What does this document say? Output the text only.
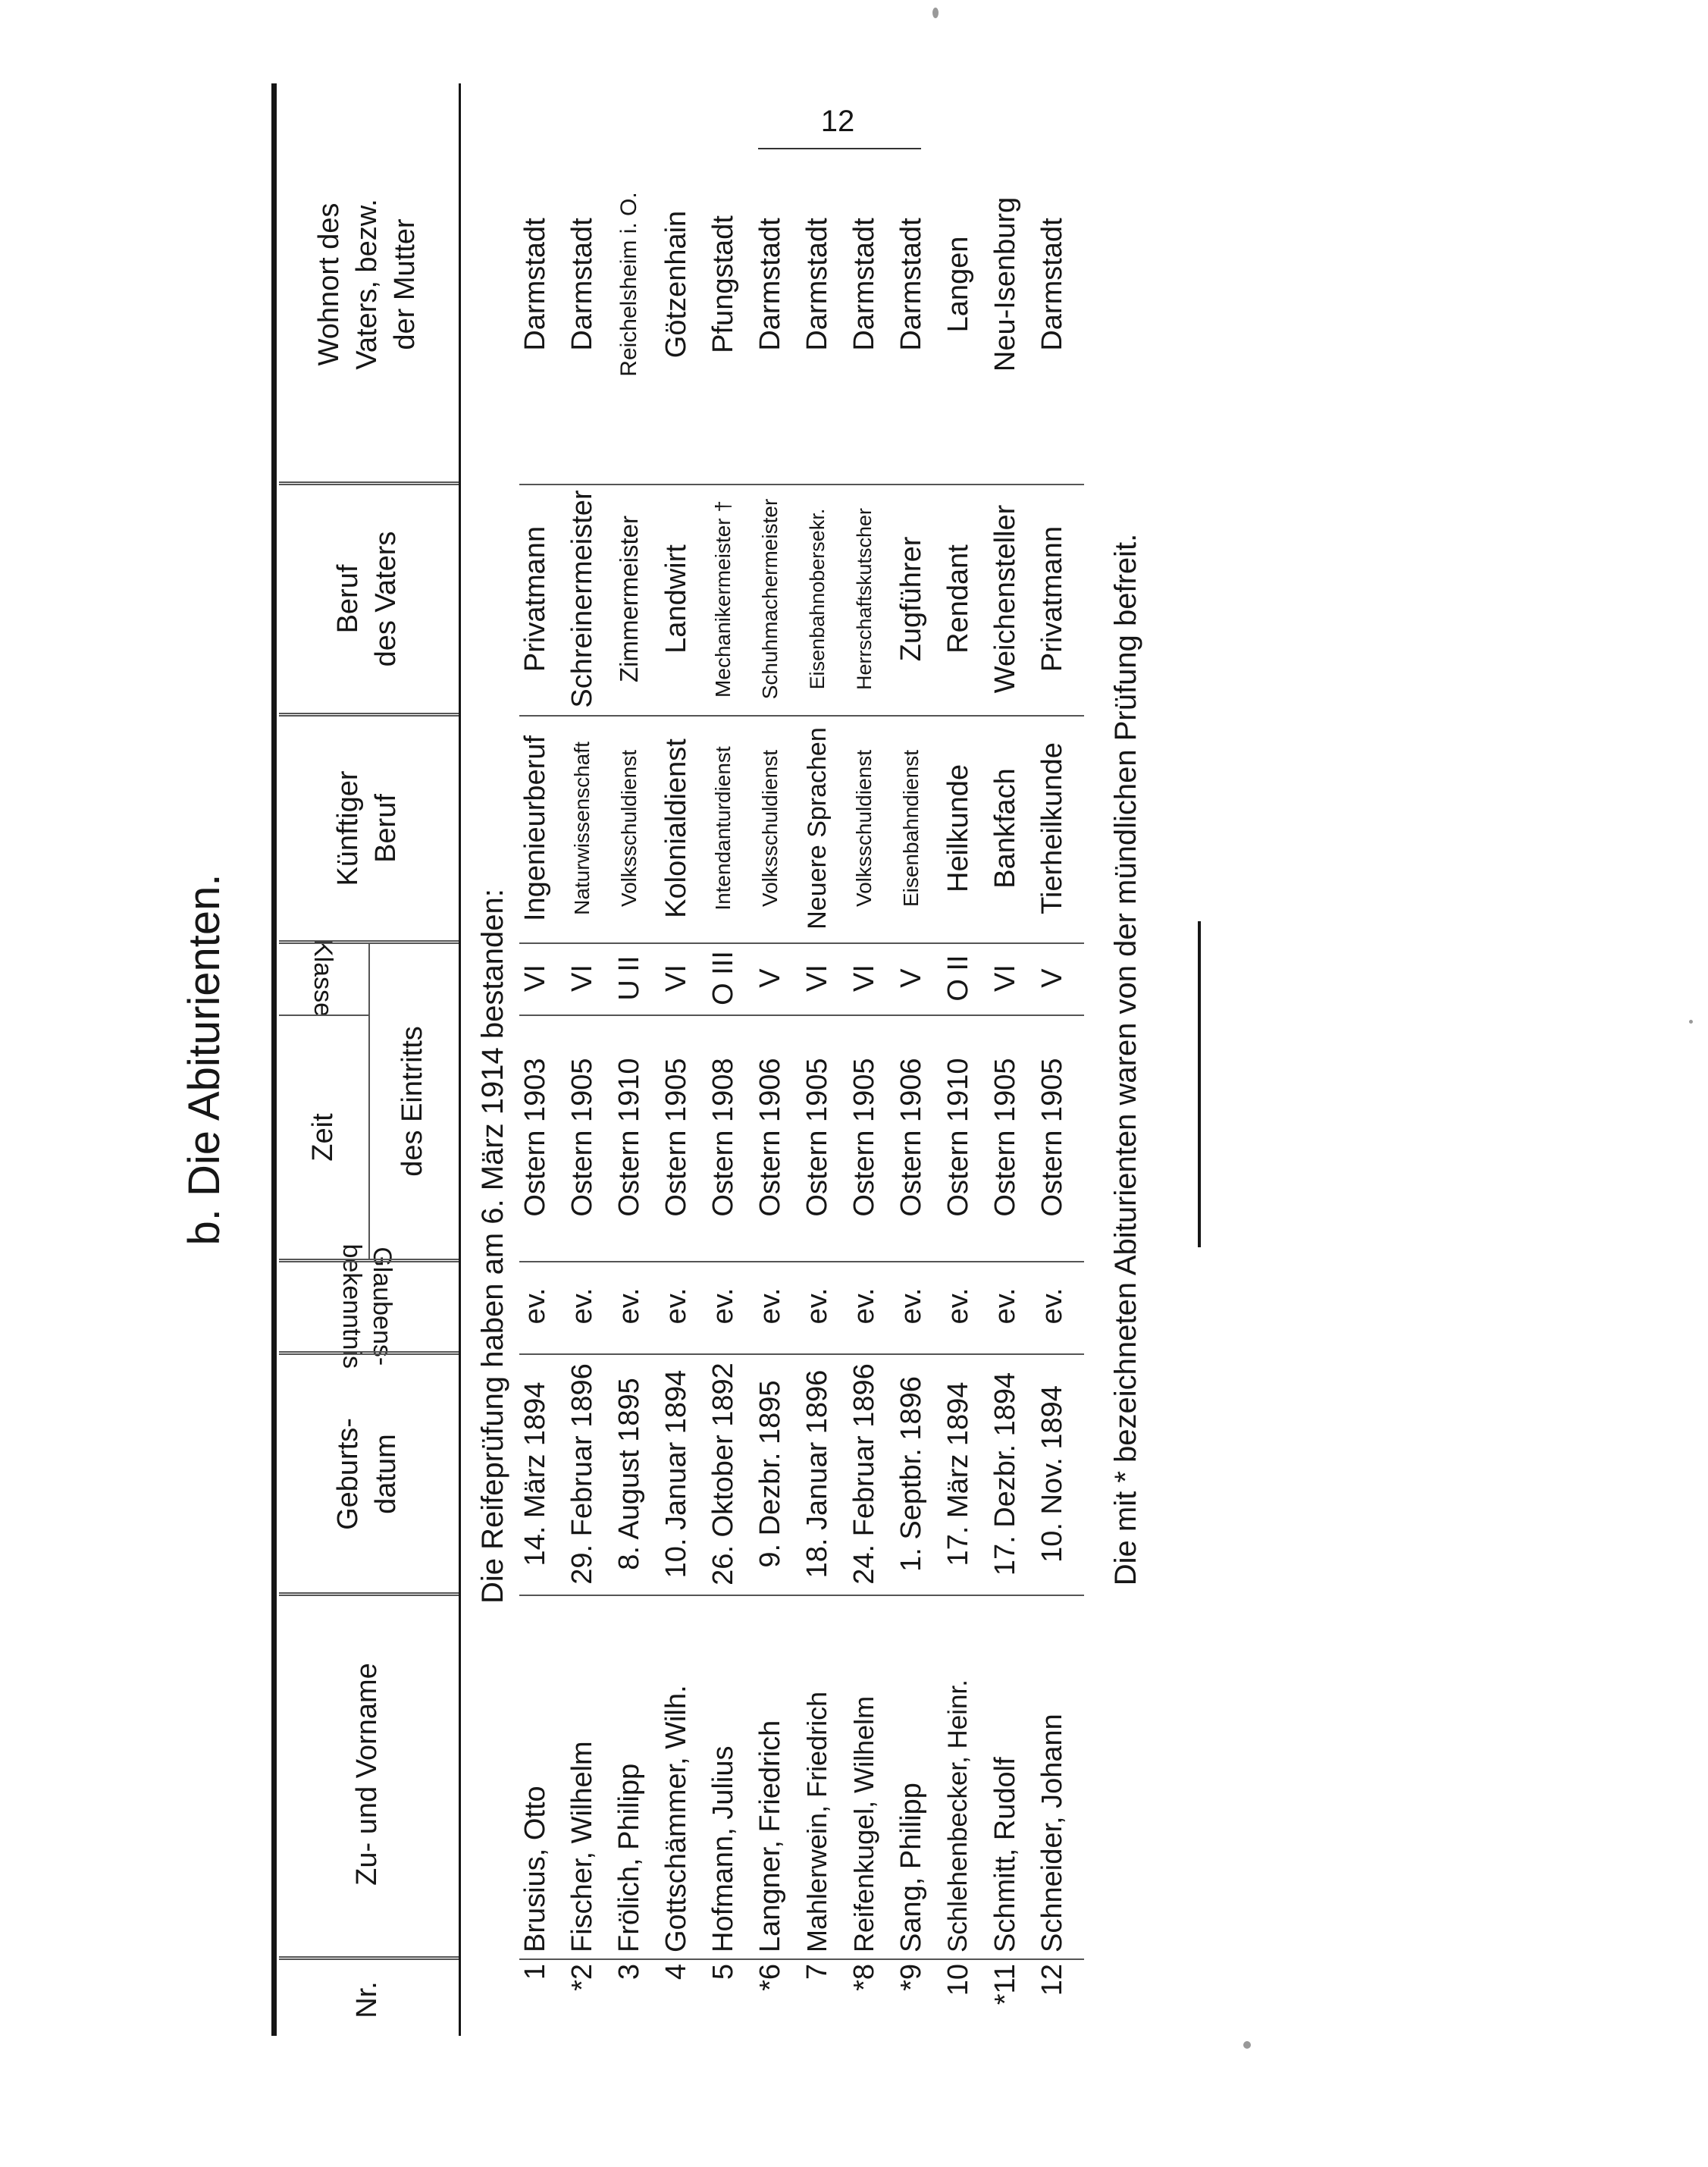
12
b. Die Abiturienten.
Nr.
Zu- und Vorname
Geburts- datum
Glaubens-
bekenntnis
Zeit
Klasse
des Eintritts
Künftiger Beruf
Beruf des Vaters
Wohnort des Vaters, bezw. der Mutter
Die Reifeprüfung haben am 6. März 1914 bestanden:
1
Brusius, Otto
14. März 1894
ev.
Ostern 1903
VI
Ingenieurberuf
Privatmann
Darmstadt
*2
Fischer, Wilhelm
29. Februar 1896
ev.
Ostern 1905
VI
Naturwissenschaft
Schreinermeister
Darmstadt
3
Frölich, Philipp
8. August 1895
ev.
Ostern 1910
U II
Volksschuldienst
Zimmermeister
Reichelsheim i. O.
4
Gottschämmer, Wilh.
10. Januar 1894
ev.
Ostern 1905
VI
Kolonialdienst
Landwirt
Götzenhain
5
Hofmann, Julius
26. Oktober 1892
ev.
Ostern 1908
O III
Intendanturdienst
Mechanikermeister †
Pfungstadt
*6
Langner, Friedrich
9. Dezbr. 1895
ev.
Ostern 1906
V
Volksschuldienst
Schuhmachermeister
Darmstadt
7
Mahlerwein, Friedrich
18. Januar 1896
ev.
Ostern 1905
VI
Neuere Sprachen
Eisenbahnobersekr.
Darmstadt
*8
Reifenkugel, Wilhelm
24. Februar 1896
ev.
Ostern 1905
VI
Volksschuldienst
Herrschaftskutscher
Darmstadt
*9
Sang, Philipp
1. Septbr. 1896
ev.
Ostern 1906
V
Eisenbahndienst
Zugführer
Darmstadt
10
Schlehenbecker, Heinr.
17. März 1894
ev.
Ostern 1910
O II
Heilkunde
Rendant
Langen
*11
Schmitt, Rudolf
17. Dezbr. 1894
ev.
Ostern 1905
VI
Bankfach
Weichensteller
Neu-Isenburg
12
Schneider, Johann
10. Nov. 1894
ev.
Ostern 1905
V
Tierheilkunde
Privatmann
Darmstadt
Die mit * bezeichneten Abiturienten waren von der mündlichen Prüfung befreit.
